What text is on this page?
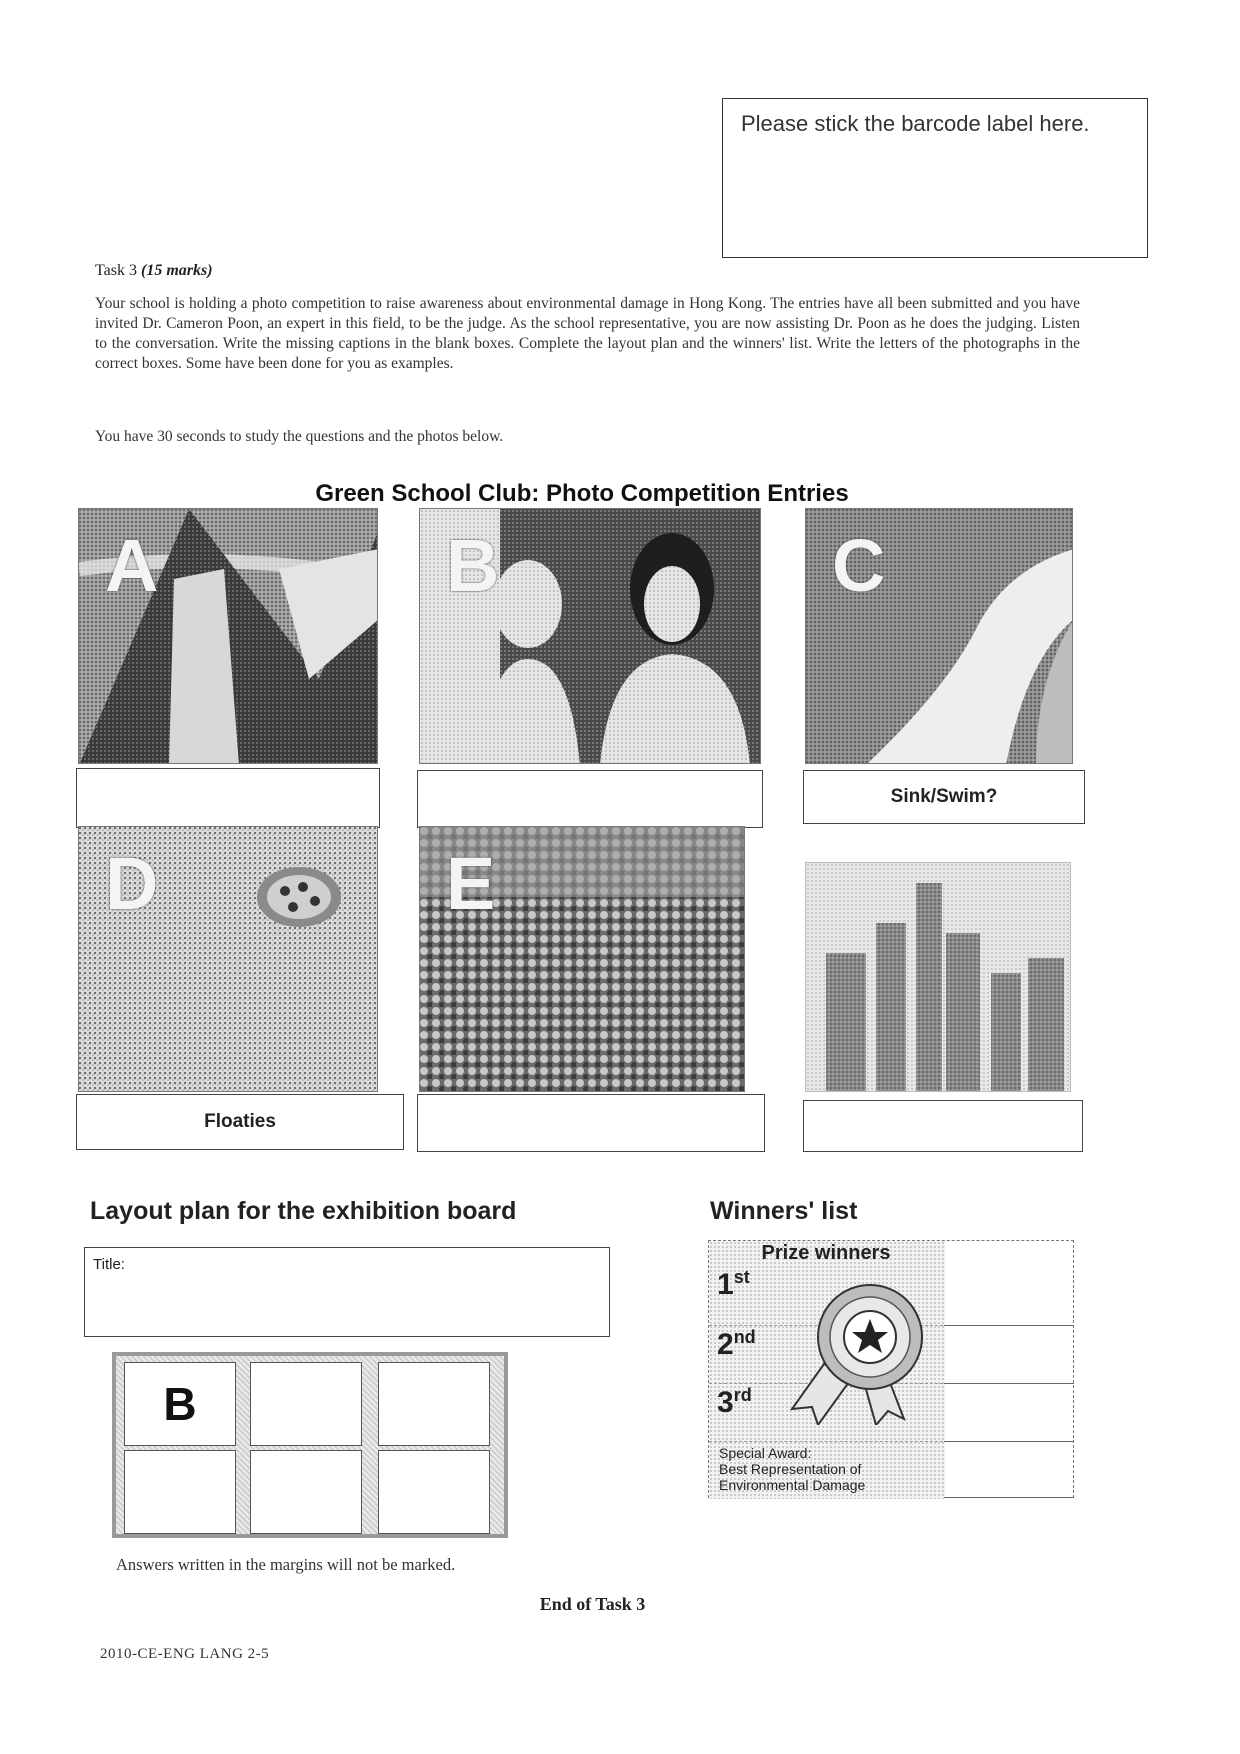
Please stick the barcode label here.
Task 3 (15 marks)
Your school is holding a photo competition to raise awareness about environmental damage in Hong Kong. The entries have all been submitted and you have invited Dr. Cameron Poon, an expert in this field, to be the judge. As the school representative, you are now assisting Dr. Poon as he does the judging. Listen to the conversation. Write the missing captions in the blank boxes. Complete the layout plan and the winners' list. Write the letters of the photographs in the correct boxes. Some have been done for you as examples.
You have 30 seconds to study the questions and the photos below.
Green School Club: Photo Competition Entries
A	B	C
Sink/Swim?
D
Floaties
E
Layout plan for the exhibition board
Title:
B
Winners' list
Prize winners
1st
2nd
3rd
Special Award:
Best Representation of
Environmental Damage
Answers written in the margins will not be marked.
End of Task 3
2010-CE-ENG LANG 2-5
